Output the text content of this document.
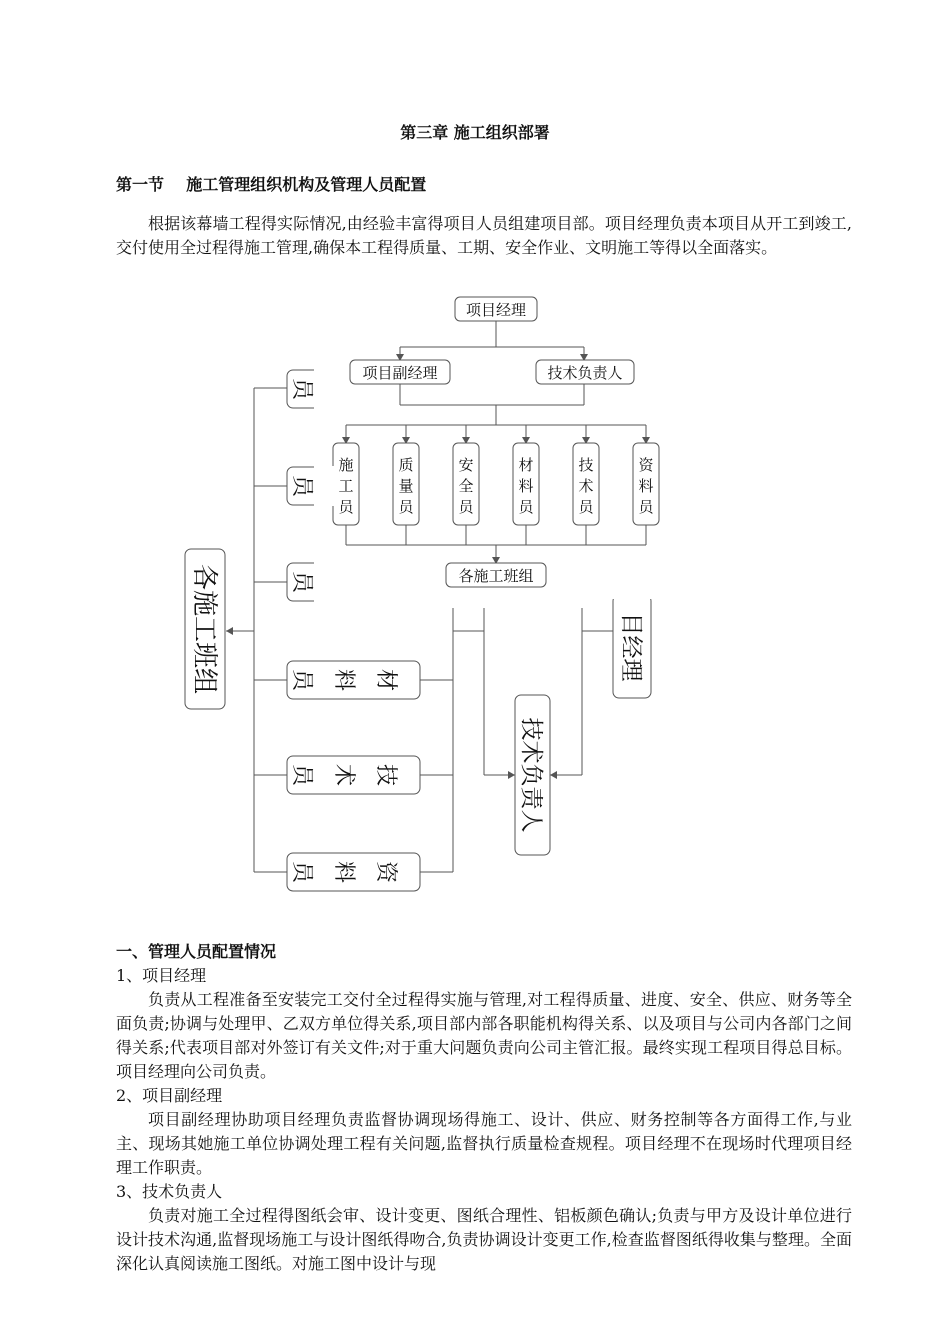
第三章 施工组织部署
第一节    施工管理组织机构及管理人员配置

根据该幕墙工程得实际情况,由经验丰富得项目人员组建项目部。项目经理负责本项目从开工到竣工,交付使用全过程得施工管理,确保本工程得质量、工期、安全作业、文明施工等得以全面落实。

项目经理
项目副经理	技术负责人
施
工
员
质
量
员
安
全
员
材
料
员
技
术
员
资
料
员
各施工班组
各施工班组
员
员
员
材
料
员
技
术
员
资
料
员
技术负责人
目经理
一、管理人员配置情况
1、项目经理

负责从工程准备至安装完工交付全过程得实施与管理,对工程得质量、进度、安全、供应、财务等全面负责;协调与处理甲、乙双方单位得关系,项目部内部各职能机构得关系、以及项目与公司内各部门之间得关系;代表项目部对外签订有关文件;对于重大问题负责向公司主管汇报。最终实现工程项目得总目标。项目经理向公司负责。

2、项目副经理

项目副经理协助项目经理负责监督协调现场得施工、设计、供应、财务控制等各方面得工作,与业主、现场其她施工单位协调处理工程有关问题,监督执行质量检查规程。项目经理不在现场时代理项目经理工作职责。

3、技术负责人

负责对施工全过程得图纸会审、设计变更、图纸合理性、铝板颜色确认;负责与甲方及设计单位进行设计技术沟通,监督现场施工与设计图纸得吻合,负责协调设计变更工作,检查监督图纸得收集与整理。全面深化认真阅读施工图纸。对施工图中设计与现
